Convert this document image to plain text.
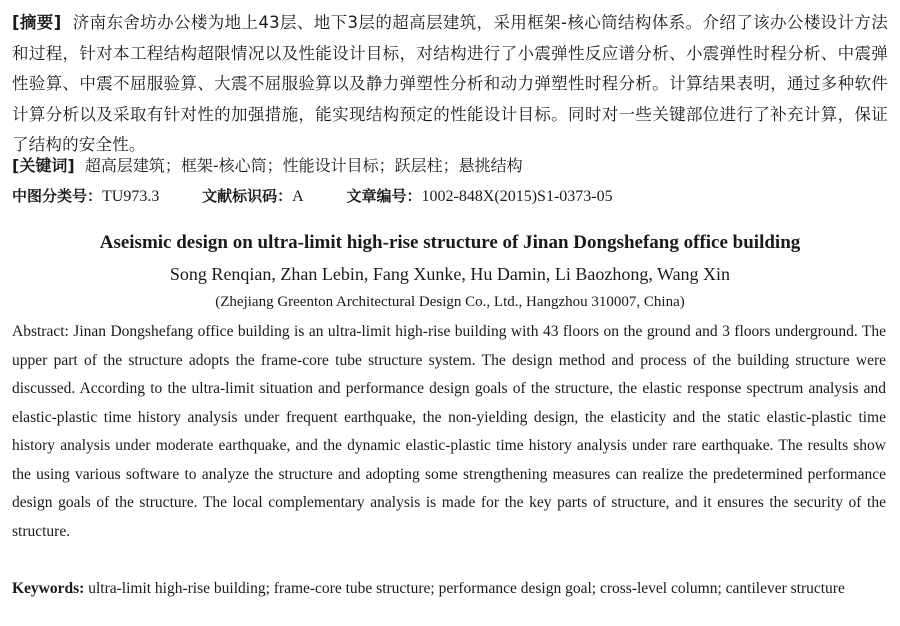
[摘要] 济南东舍坊办公楼为地上43层、地下3层的超高层建筑，采用框架-核心筒结构体系。介绍了该办公楼设计方法和过程，针对本工程结构超限情况以及性能设计目标，对结构进行了小震弹性反应谱分析、小震弹性时程分析、中震弹性验算、中震不屈服验算、大震不屈服验算以及静力弹塑性分析和动力弹塑性时程分析。计算结果表明，通过多种软件计算分析以及采取有针对性的加强措施，能实现结构预定的性能设计目标。同时对一些关键部位进行了补充计算，保证了结构的安全性。
[关键词] 超高层建筑；框架-核心筒；性能设计目标；跃层柱；悬挑结构
中图分类号：TU973.3	文献标识码：A	文章编号：1002-848X(2015)S1-0373-05
Aseismic design on ultra-limit high-rise structure of Jinan Dongshefang office building
Song Renqian, Zhan Lebin, Fang Xunke, Hu Damin, Li Baozhong, Wang Xin
(Zhejiang Greenton Architectural Design Co., Ltd., Hangzhou 310007, China)
Abstract: Jinan Dongshefang office building is an ultra-limit high-rise building with 43 floors on the ground and 3 floors underground. The upper part of the structure adopts the frame-core tube structure system. The design method and process of the building structure were discussed. According to the ultra-limit situation and performance design goals of the structure, the elastic response spectrum analysis and elastic-plastic time history analysis under frequent earthquake, the non-yielding design, the elasticity and the static elastic-plastic time history analysis under moderate earthquake, and the dynamic elastic-plastic time history analysis under rare earthquake. The results show the using various software to analyze the structure and adopting some strengthening measures can realize the predetermined performance design goals of the structure. The local complementary analysis is made for the key parts of structure, and it ensures the security of the structure.
Keywords: ultra-limit high-rise building; frame-core tube structure; performance design goal; cross-level column; cantilever structure
